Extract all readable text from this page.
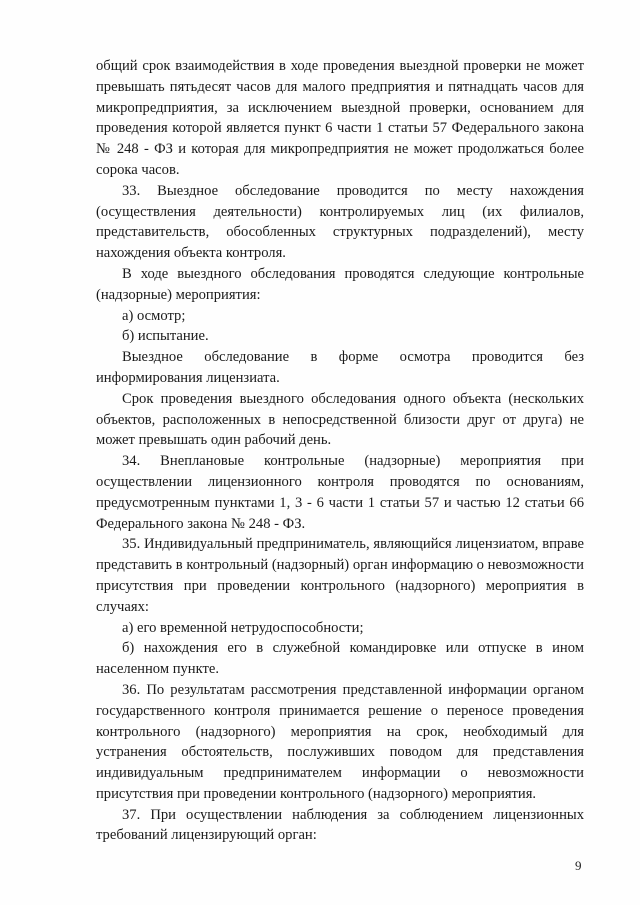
общий срок взаимодействия в ходе проведения выездной проверки не может превышать пятьдесят часов для малого предприятия и пятнадцать часов для микропредприятия, за исключением выездной проверки, основанием для проведения которой является пункт 6 части 1 статьи 57 Федерального закона № 248 - ФЗ и которая для микропредприятия не может продолжаться более сорока часов.

33. Выездное обследование проводится по месту нахождения (осуществления деятельности) контролируемых лиц (их филиалов, представительств, обособленных структурных подразделений), месту нахождения объекта контроля.

В ходе выездного обследования проводятся следующие контрольные (надзорные) мероприятия:

а) осмотр;

б) испытание.

Выездное обследование в форме осмотра проводится без информирования лицензиата.

Срок проведения выездного обследования одного объекта (нескольких объектов, расположенных в непосредственной близости друг от друга) не может превышать один рабочий день.

34. Внеплановые контрольные (надзорные) мероприятия при осуществлении лицензионного контроля проводятся по основаниям, предусмотренным пунктами 1, 3 - 6 части 1 статьи 57 и частью 12 статьи 66 Федерального закона № 248 - ФЗ.

35. Индивидуальный предприниматель, являющийся лицензиатом, вправе представить в контрольный (надзорный) орган информацию о невозможности присутствия при проведении контрольного (надзорного) мероприятия в случаях:

а) его временной нетрудоспособности;

б) нахождения его в служебной командировке или отпуске в ином населенном пункте.

36. По результатам рассмотрения представленной информации органом государственного контроля принимается решение о переносе проведения контрольного (надзорного) мероприятия на срок, необходимый для устранения обстоятельств, послуживших поводом для представления индивидуальным предпринимателем информации о невозможности присутствия при проведении контрольного (надзорного) мероприятия.

37. При осуществлении наблюдения за соблюдением лицензионных требований лицензирующий орган:

9
